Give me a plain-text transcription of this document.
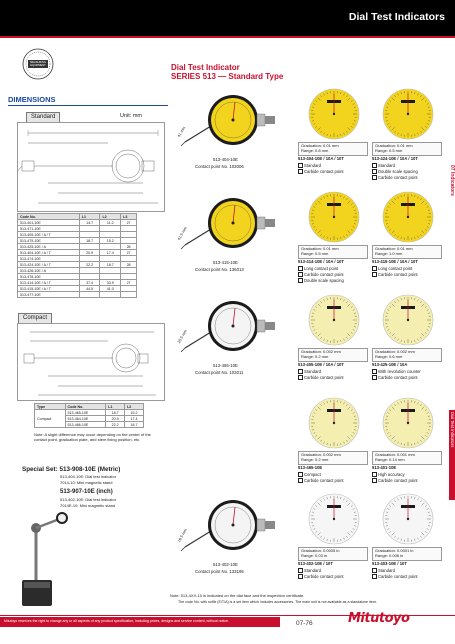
Dial Test Indicators
MEASURING
EQUIPMENT	Dial Test Indicator
SERIES 513 — Standard Type
DIMENSIONS
Standard	Unit: mm
Code No.	L1	L2	L3
513-401-10E	14.7	11.2	27
513-471-10E			
513-405-10E / A / T			
513-475-10E	18.7	15.2	
513-425-10E / A			28
513-404-10E / A / T	20.9	17.4	27
513-474-10E			
513-424-10E / A / T	22.2	18.7	28
513-426-10E / A			
513-478-10E			
513-414-10E / A / T	37.4	33.9	27
513-415-10E / A / T	44.5	41.0	
513-477-10E			
Compact
Type	Code No.	L1	L2
Compact	513-465-10E	18.7	15.2
	513-464-10E	20.9	17.4
	513-466-10E	22.2	18.7
Note: A slight difference may occur depending on the center of the contact point, graduation plate, and stem fixing position, etc.
Special Set: 513-908-10E (Metric)
513-404-10E: Dial test indicator
7014-10: Mini magnetic stand
513-907-10E (inch)
513-402-10E: Dial test indicator
7014E-10: Mini magnetic stand
41 mm
513-404-10E
Contact point No. 103006
41.5 mm
513-415-10E
Contact point No. 136013
25.5 mm
513-465-10E
Contact point No. 103011
16.5 mm
513-402-10E
Contact point No. 133195
Graduation: 0.01 mm
Range: 0.8 mm
513-404-10E / 10A / 10T
Standard
Carbide contact point
Graduation: 0.01 mm
Range: 0.5 mm
513-424-10E / 10A / 10T
Standard
Double scale spacing
Carbide contact point
Graduation: 0.01 mm
Range: 0.5 mm
513-414-10E / 10A / 10T
Long contact point
Carbide contact point
Double scale spacing
Graduation: 0.01 mm
Range: 1.0 mm
513-415-10E / 10A / 10T
Long contact point
Carbide contact point
Graduation: 0.002 mm
Range: 0.2 mm
513-405-10E / 10A / 10T
Standard
Carbide contact point
Graduation: 0.002 mm
Range: 0.6 mm
513-425-10E / 10A
With revolution counter
Carbide contact point
Graduation: 0.002 mm
Range: 0.2 mm
513-465-10E
Compact
Carbide contact point
Graduation: 0.001 mm
Range: 0.14 mm
513-401-10E
High accuracy
Carbide contact point
Graduation: 0.0005 in
Range: 0.03 in
513-402-10E / 10T
Standard
Carbide contact point
Graduation: 0.0001 in
Range: 0.008 in
513-403-10E / 10T
Standard
Carbide contact point
07 Indicators
Dial Test Indicators
Note: 513-4XX-10 is indicated on the dial face and the inspection certificate.
The code No. with suffix (E/T/A) is a set item which includes accessories. The main unit is not available as a standalone item.
Mitutoyo reserves the right to change any or all aspects of any product specification, including prices, designs and service content, without notice.	07-76	Mitutoyo
